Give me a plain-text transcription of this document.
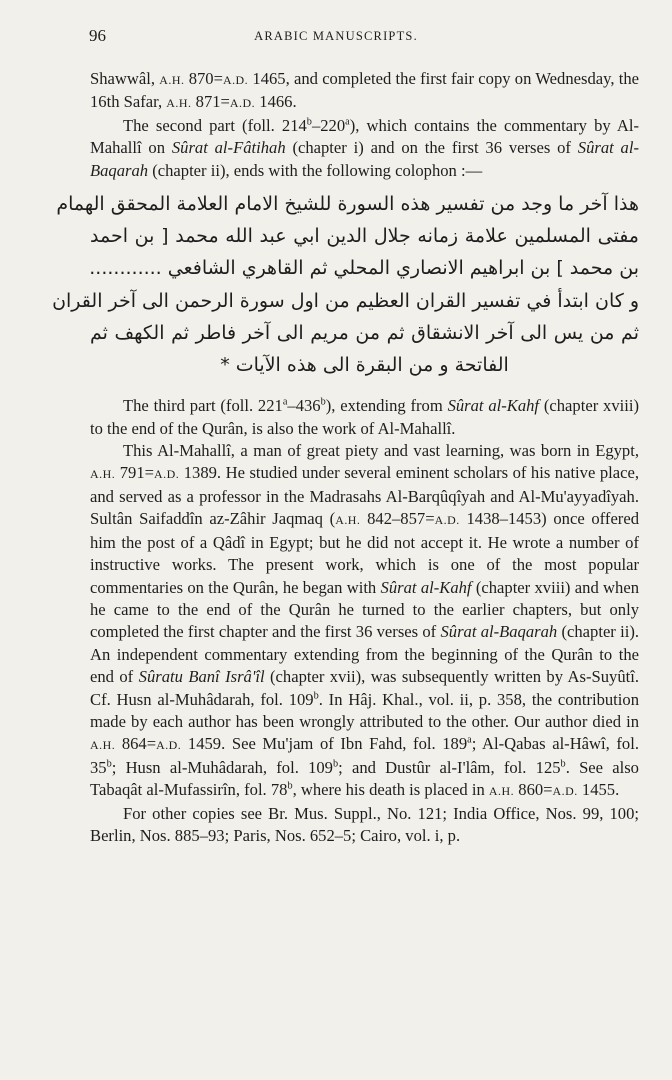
96	ARABIC MANUSCRIPTS.

Shawwâl, A.H. 870=A.D. 1465, and completed the first fair copy on Wednesday, the 16th Safar, A.H. 871=A.D. 1466.

The second part (foll. 214$^b$–220$^a$), which contains the commentary by Al-Mahallî on Sûrat al-Fâtihah (chapter i) and on the first 36 verses of Sûrat al-Baqarah (chapter ii), ends with the following colophon :—

هذا آخر ما وجد من تفسير هذه السورة للشيخ الامام العلامة المحقق الهمام
مفتى المسلمين علامة زمانه جلال الدين ابي عبد الله محمد [ بن احمد
بن محمد ] بن ابراهيم الانصاري المحلي ثم القاهري الشافعي ............
و كان ابتدأ في تفسير القران العظيم من اول سورة الرحمن الى آخر القران
ثم من يس الى آخر الانشقاق ثم من مريم الى آخر فاطر ثم الكهف ثم
الفاتحة و من البقرة الى هذه الآيات *

The third part (foll. 221$^a$–436$^b$), extending from Sûrat al-Kahf (chapter xviii) to the end of the Qurân, is also the work of Al-Mahallî.

This Al-Mahallî, a man of great piety and vast learning, was born in Egypt, A.H. 791=A.D. 1389. He studied under several eminent scholars of his native place, and served as a professor in the Madrasahs Al-Barqûqîyah and Al-Mu'ayyadîyah. Sultân Saifaddîn az-Zâhir Jaqmaq (A.H. 842–857=A.D. 1438–1453) once offered him the post of a Qâdî in Egypt; but he did not accept it. He wrote a number of instructive works. The present work, which is one of the most popular commentaries on the Qurân, he began with Sûrat al-Kahf (chapter xviii) and when he came to the end of the Qurân he turned to the earlier chapters, but only completed the first chapter and the first 36 verses of Sûrat al-Baqarah (chapter ii). An independent commentary extending from the beginning of the Qurân to the end of Sûratu Banî Isrâ'îl (chapter xvii), was subsequently written by As-Suyûtî. Cf. Husn al-Muhâdarah, fol. 109$^b$. In Hâj. Khal., vol. ii, p. 358, the contribution made by each author has been wrongly attributed to the other. Our author died in A.H. 864=A.D. 1459. See Mu'jam of Ibn Fahd, fol. 189$^a$; Al-Qabas al-Hâwî, fol. 35$^b$; Husn al-Muhâdarah, fol. 109$^b$; and Dustûr al-I'lâm, fol. 125$^b$. See also Tabaqât al-Mufassirîn, fol. 78$^b$, where his death is placed in A.H. 860=A.D. 1455.

For other copies see Br. Mus. Suppl., No. 121; India Office, Nos. 99, 100; Berlin, Nos. 885–93; Paris, Nos. 652–5; Cairo, vol. i, p.
